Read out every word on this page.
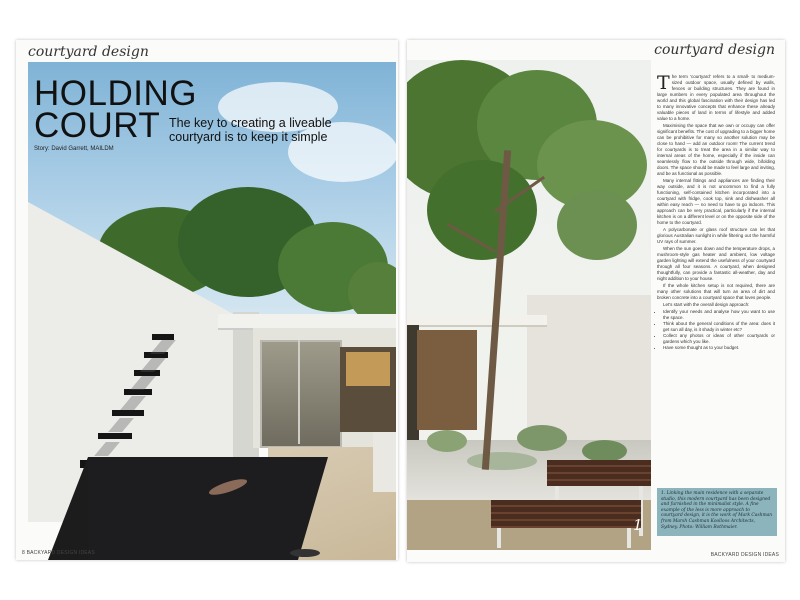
courtyard design
HOLDING
COURT The key to creating a liveable courtyard is to keep it simple

Story: David Garrett, MAILDM
8 BACKYARD DESIGN IDEAS
courtyard design

The term 'courtyard' refers to a small- to medium-sized outdoor space, usually defined by walls, fences or building structures. They are found in large numbers in every populated area throughout the world and this global fascination with their design has led to many innovative concepts that enhance these already valuable pieces of land in terms of lifestyle and added value to a home.

Maximising the space that we own or occupy can offer significant benefits. The cost of upgrading to a bigger home can be prohibitive for many so another solution may be close to hand — add an outdoor room! The current trend for courtyards is to treat the area in a similar way to internal areas of the home, especially if the inside can seamlessly flow to the outside through wide, bifolding doors. The space should be made to feel large and inviting, and be as functional as possible.

Many internal fittings and appliances are finding their way outside, and it is not uncommon to find a fully functioning, self-contained kitchen incorporated into a courtyard with fridge, cook top, sink and dishwasher all within easy reach — no need to have to go indoors. This approach can be very practical, particularly if the internal kitchen is on a different level or on the opposite side of the home to the courtyard.

A polycarbonate or glass roof structure can let that glorious Australian sunlight in while filtering out the harmful UV rays of summer.

When the sun goes down and the temperature drops, a mushroom-style gas heater and ambient, low voltage garden lighting will extend the usefulness of your courtyard through all four seasons. A courtyard, when designed thoughtfully, can provide a fantastic all-weather, day and night addition to your house.

If the whole kitchen setup is not required, there are many other solutions that will turn an area of dirt and broken concrete into a courtyard space that loves people.

Let's start with the overall design approach:

• Identify your needs and analyse how you want to use the space.
• Think about the general conditions of the area: does it get sun all day, is it shady in winter etc?
• Collect any photos or ideas of other courtyards or gardens which you like.
• Have some thought as to your budget.
1. Linking the main residence with a separate studio, this modern courtyard has been designed and furnished in the minimalist style. A fine example of the less is more approach to courtyard design, it is the work of Mark Cashman from Marsh Cashman Koolloos Architects, Sydney. Photo: William Rothmaier.
1
BACKYARD DESIGN IDEAS
